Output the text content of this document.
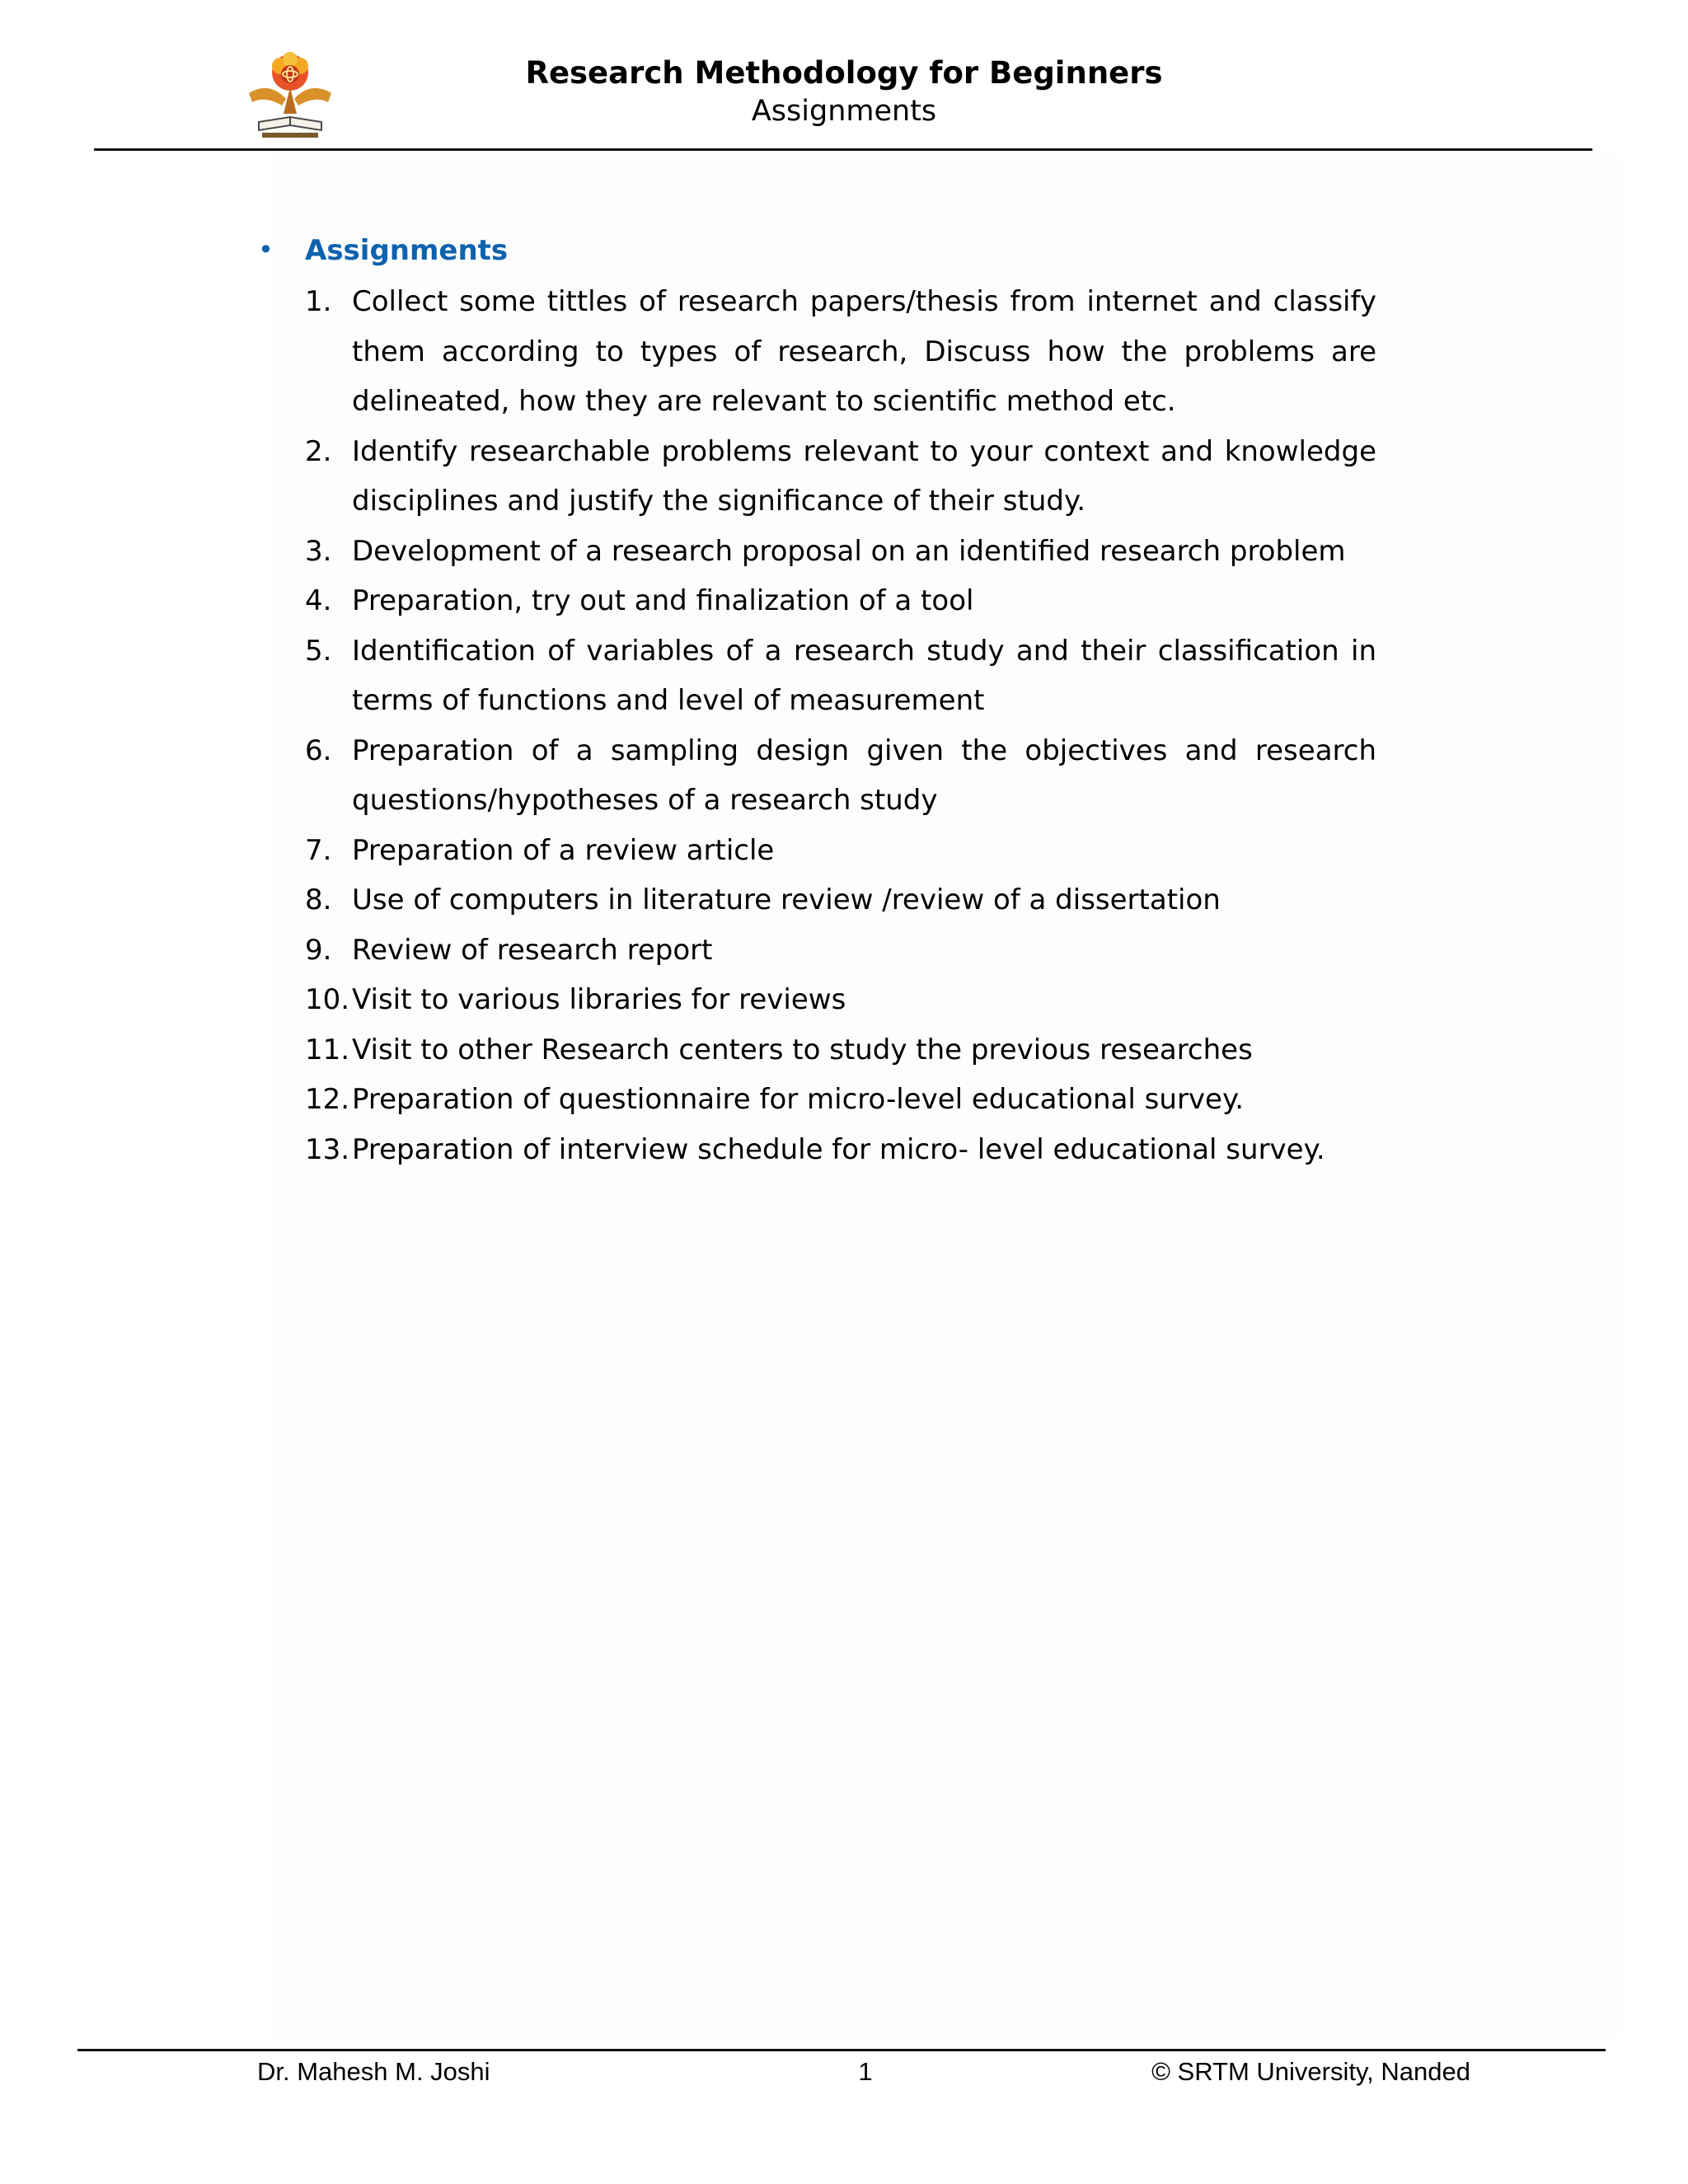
Research Methodology for Beginners
Assignments
• Assignments
1. Collect some tittles of research papers/thesis from internet and classify them according to types of research, Discuss how the problems are delineated, how they are relevant to scientific method etc.
2. Identify researchable problems relevant to your context and knowledge disciplines and justify the significance of their study.
3. Development of a research proposal on an identified research problem
4. Preparation, try out and finalization of a tool
5. Identification of variables of a research study and their classification in terms of functions and level of measurement
6. Preparation of a sampling design given the objectives and research questions/hypotheses of a research study
7. Preparation of a review article
8. Use of computers in literature review /review of a dissertation
9. Review of research report
10. Visit to various libraries for reviews
11. Visit to other Research centers to study the previous researches
12. Preparation of questionnaire for micro-level educational survey.
13. Preparation of interview schedule for micro- level educational survey.
Dr. Mahesh M. Joshi	1	© SRTM University, Nanded
